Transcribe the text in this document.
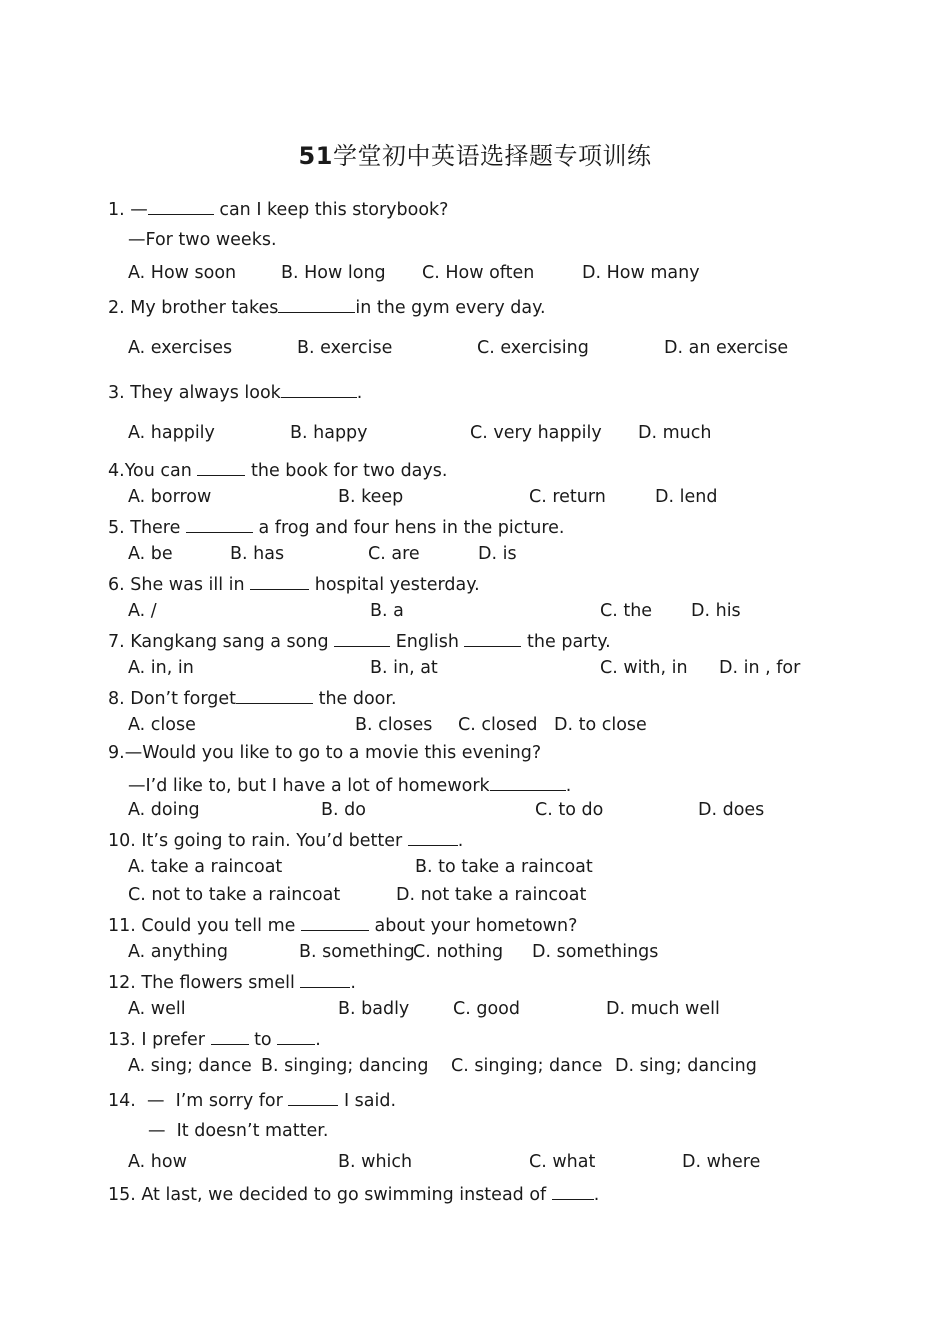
51学堂初中英语选择题专项训练
1. —	can I keep this storybook?
—For two weeks.
A. How soon	B. How long C. How often	D. How many
2. My brother takes	in the gym every day.
A. exercises	B. exercise	C. exercising	D. an exercise
3. They always look	.
A. happily	B. happy	C. very happily D. much
4.You can	the book for two days.
A. borrow	B. keep	C. return	D. lend
5. There	a frog and four hens in the picture.
A. be	B. has	C. are	D. is
6. She was ill in	hospital yesterday.
A. /	B. a	C. the D. his
7. Kangkang sang a song	English	the party.
A. in, in	B. in, at	C. with, in D. in , for
8. Don’t forget	the door.
A. close	B. closes C. closed D. to close
9.—Would you like to go to a movie this evening?
—I’d like to, but I have a lot of homework	.
A. doing	B. do	C. to do	D. does
10. It’s going to rain. You’d better	.
A. take a raincoat	B. to take a raincoat
C. not to take a raincoat	D. not take a raincoat
11. Could you tell me	about your hometown?
A. anything	B. something
C. nothing D. somethings
12. The flowers smell	.
A. well	B. badly C. good	D. much well
13. I prefer  to .
A. sing; dance B. singing; dancing C. singing; dance D. sing; dancing
14.  —  I’m sorry for	I said.
—  It doesn’t matter.
A. how	B. which	C. what	D. where
15. At last, we decided to go swimming instead of .
